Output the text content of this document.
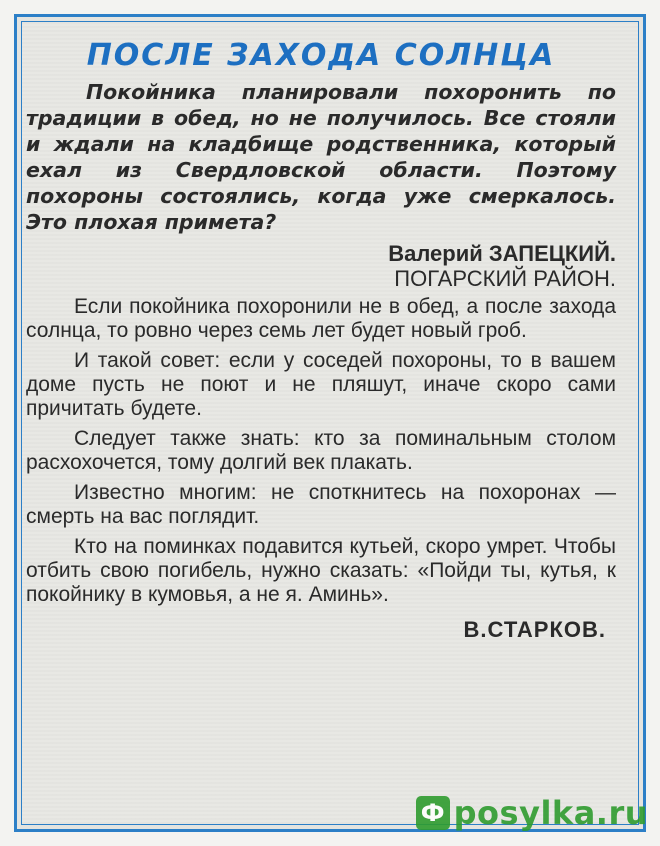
ПОСЛЕ ЗАХОДА СОЛНЦА

Покойника планировали похоронить по традиции в обед, но не получилось. Все стояли и ждали на кладбище родственника, который ехал из Свердловской области. Поэтому похороны состоялись, когда уже смеркалось. Это плохая примета?

Валерий ЗАПЕЦКИЙ.
ПОГАРСКИЙ РАЙОН.

Если покойника похоронили не в обед, а после захода солнца, то ровно через семь лет будет новый гроб.

И такой совет: если у соседей похороны, то в вашем доме пусть не поют и не пляшут, иначе скоро сами причитать будете.

Следует также знать: кто за поминальным столом расхохочется, тому долгий век плакать.

Известно многим: не споткнитесь на похоронах — смерть на вас поглядит.

Кто на поминках подавится кутьей, скоро умрет. Чтобы отбить свою погибель, нужно сказать: «Пойди ты, кутья, к покойнику в кумовья, а не я. Аминь».

В.СТАРКОВ.
Ф posylka.ru
